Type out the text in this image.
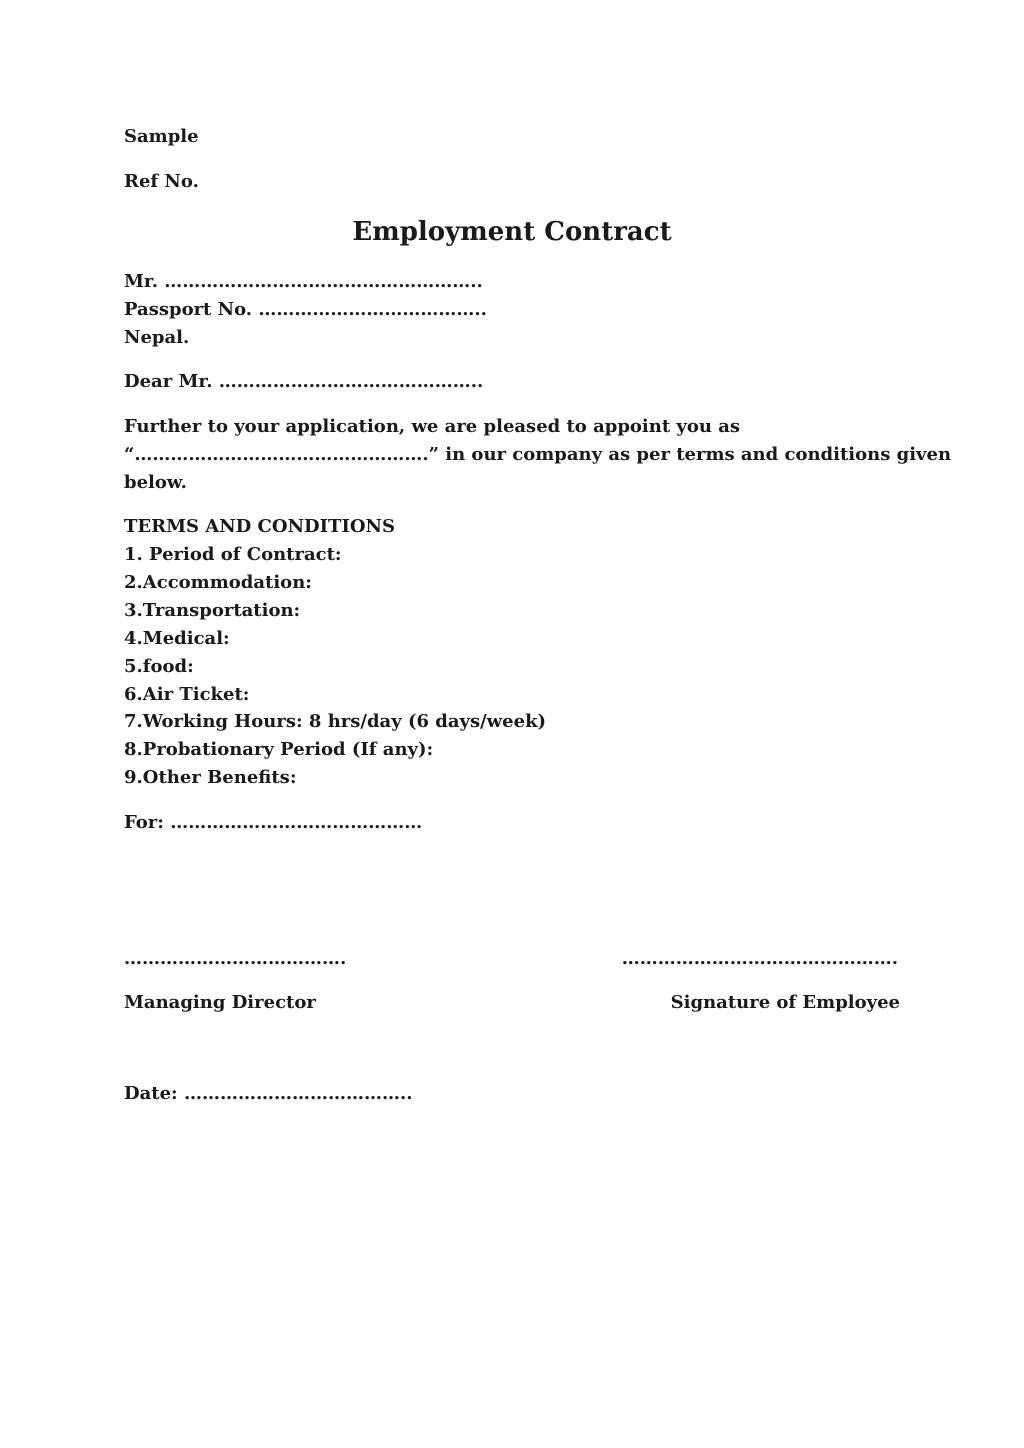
Sample
Ref No.
Employment Contract
Mr. ……………………………………………..
Passport No. ………………………………..
Nepal.
Dear Mr. ……………………………………..
Further to your application, we are pleased to appoint you as
“………………………………………….” in our company as per terms and conditions given
below.
TERMS AND CONDITIONS
1. Period of Contract:
2.Accommodation:
3.Transportation:
4.Medical:
5.food:
6.Air Ticket:
7.Working Hours: 8 hrs/day (6 days/week)
8.Probationary Period (If any):
9.Other Benefits:
For: ……………………………………
……………………………….	……………………………………….
Managing Director	Signature of Employee
Date: ………………………………..
